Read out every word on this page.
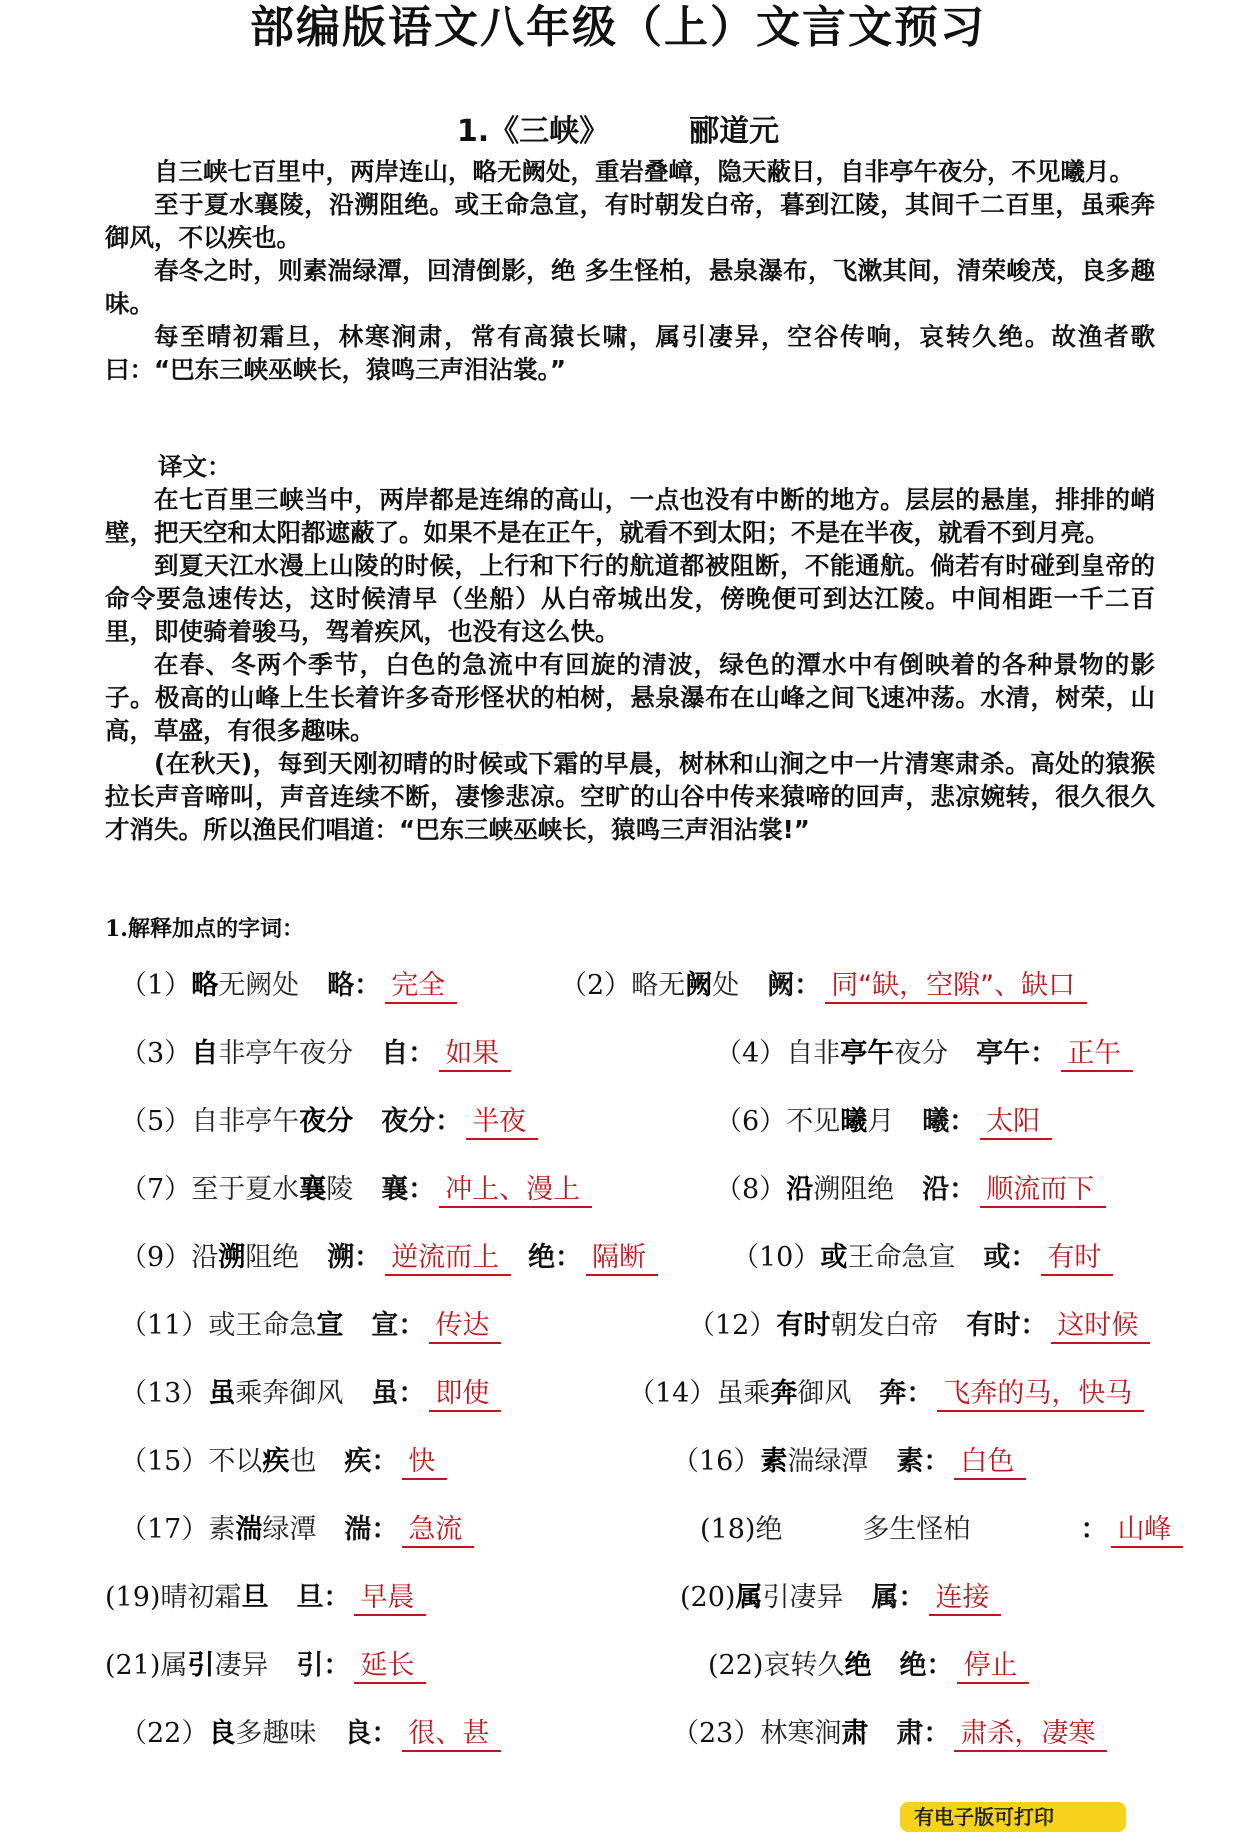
部编版语文八年级（上）文言文预习
1.《三峡》	郦道元

自三峡七百里中，两岸连山，略无阙处，重岩叠嶂，隐天蔽日，自非亭午夜分，不见曦月。

至于夏水襄陵，沿溯阻绝。或王命急宣，有时朝发白帝，暮到江陵，其间千二百里，虽乘奔御风，不以疾也。

春冬之时，则素湍绿潭，回清倒影，绝 多生怪柏，悬泉瀑布，飞漱其间，清荣峻茂，良多趣味。

每至晴初霜旦，林寒涧肃，常有高猿长啸，属引凄异，空谷传响，哀转久绝。故渔者歌曰：“巴东三峡巫峡长，猿鸣三声泪沾裳。”

译文：

在七百里三峡当中，两岸都是连绵的高山，一点也没有中断的地方。层层的悬崖，排排的峭壁，把天空和太阳都遮蔽了。如果不是在正午，就看不到太阳；不是在半夜，就看不到月亮。

到夏天江水漫上山陵的时候，上行和下行的航道都被阻断，不能通航。倘若有时碰到皇帝的命令要急速传达，这时候清早（坐船）从白帝城出发，傍晚便可到达江陵。中间相距一千二百里，即使骑着骏马，驾着疾风，也没有这么快。

在春、冬两个季节，白色的急流中有回旋的清波，绿色的潭水中有倒映着的各种景物的影子。极高的山峰上生长着许多奇形怪状的柏树，悬泉瀑布在山峰之间飞速冲荡。水清，树荣，山高，草盛，有很多趣味。

(在秋天)，每到天刚初晴的时候或下霜的早晨，树林和山涧之中一片清寒肃杀。高处的猿猴拉长声音啼叫，声音连续不断，凄惨悲凉。空旷的山谷中传来猿啼的回声，悲凉婉转，很久很久才消失。所以渔民们唱道：“巴东三峡巫峡长，猿鸣三声泪沾裳!”

1.解释加点的字词：
（1）略无阙处 略： 完全	（2）略无阙处 阙： 同“缺，空隙”、缺口
（3）自非亭午夜分 自： 如果	（4）自非亭午夜分 亭午： 正午
（5）自非亭午夜分 夜分： 半夜	（6）不见曦月 曦： 太阳
（7）至于夏水襄陵 襄： 冲上、漫上	（8）沿溯阻绝 沿： 顺流而下
（9）沿溯阻绝 溯： 逆流而上	绝： 隔断	（10）或王命急宣 或： 有时
（11）或王命急宣 宣： 传达	（12）有时朝发白帝 有时： 这时候
（13）虽乘奔御风 虽： 即使	（14）虽乘奔御风 奔： 飞奔的马，快马
（15）不以疾也 疾： 快	（16）素湍绿潭 素： 白色
（17）素湍绿潭 湍： 急流	(18)绝	多生怪柏	： 山峰
(19)晴初霜旦 旦： 早晨	(20)属引凄异 属： 连接
(21)属引凄异 引： 延长	(22)哀转久绝 绝： 停止
（22）良多趣味 良： 很、甚	（23）林寒涧肃 肃： 肃杀，凄寒
有电子版可打印
